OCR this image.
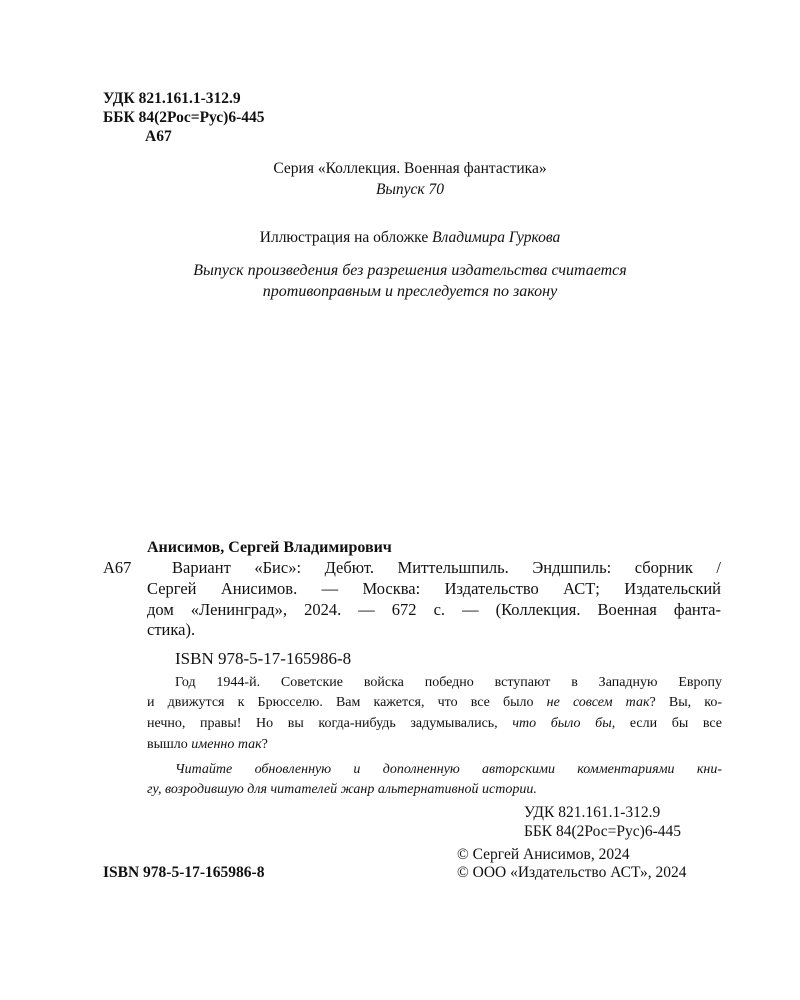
УДК 821.161.1-312.9
ББК 84(2Рос=Рус)6-445
А67
Серия «Коллекция. Военная фантастика»
Выпуск 70
Иллюстрация на обложке Владимира Гуркова
Выпуск произведения без разрешения издательства считается
противоправным и преследуется по закону
Анисимов, Сергей Владимирович
А67 Вариант «Бис»: Дебют. Миттельшпиль. Эндшпиль: сборник /
Сергей Анисимов. — Москва: Издательство АСТ; Издательский
дом «Ленинград», 2024. — 672 с. — (Коллекция. Военная фанта-
стика).
ISBN 978-5-17-165986-8
Год 1944-й. Советские войска победно вступают в Западную Европу
и движутся к Брюсселю. Вам кажется, что все было не совсем так? Вы, ко-
нечно, правы! Но вы когда-нибудь задумывались, что было бы, если бы все
вышло именно так?
Читайте обновленную и дополненную авторскими комментариями кни-
гу, возродившую для читателей жанр альтернативной истории.
УДК 821.161.1-312.9
ББК 84(2Рос=Рус)6-445
© Сергей Анисимов, 2024
© ООО «Издательство АСТ», 2024
ISBN 978-5-17-165986-8
